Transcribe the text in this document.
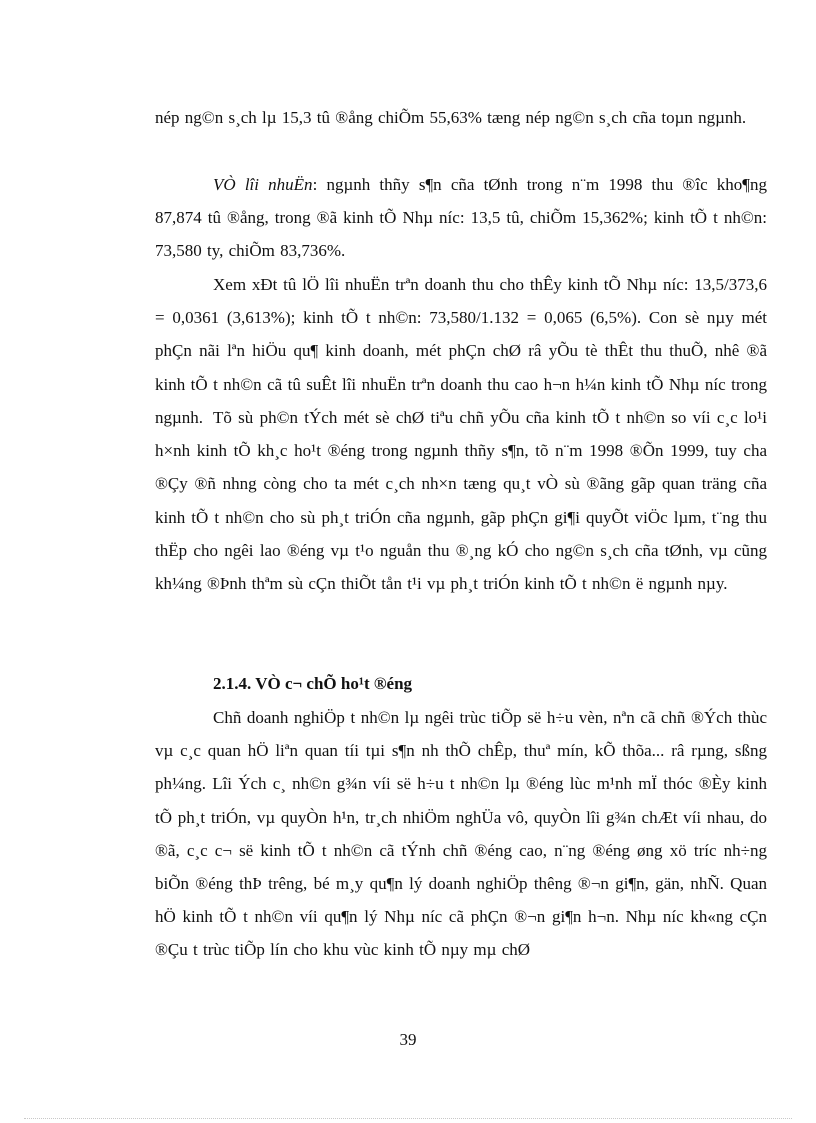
nép ng©n s¸ch lµ 15,3 tû ®ång chiÕm 55,63% tæng nép ng©n s¸ch cña toµn ngµnh.

VÒ lîi nhuËn: ngµnh thñy s¶n cña tØnh trong n¨m 1998 thu ®îc kho¶ng 87,874 tû ®ång, trong ®ã kinh tÕ Nhµ níc: 13,5 tû, chiÕm 15,362%; kinh tÕ t nh©n: 73,580 ty, chiÕm 83,736%.

Xem xÐt tû lÖ lîi nhuËn trªn doanh thu cho thÊy kinh tÕ Nhµ níc: 13,5/373,6 = 0,0361 (3,613%); kinh tÕ t nh©n: 73,580/1.132 = 0,065 (6,5%). Con sè nµy mét phÇn nãi lªn hiÖu qu¶ kinh doanh, mét phÇn chØ râ yÕu tè thÊt thu thuÕ, nhê ®ã kinh tÕ t nh©n cã tû suÊt lîi nhuËn trªn doanh thu cao h¬n h¼n kinh tÕ Nhµ níc trong ngµnh. Tõ sù ph©n tÝch mét sè chØ tiªu chñ yÕu cña kinh tÕ t nh©n so víi c¸c lo¹i h×nh kinh tÕ kh¸c ho¹t ®éng trong ngµnh thñy s¶n, tõ n¨m 1998 ®Õn 1999, tuy cha ®Çy ®ñ nhng còng cho ta mét c¸ch nh×n tæng qu¸t vÒ sù ®ãng gãp quan träng cña kinh tÕ t nh©n cho sù ph¸t triÓn cña ngµnh, gãp phÇn gi¶i quyÕt viÖc lµm, t¨ng thu thËp cho ngêi lao ®éng vµ t¹o nguån thu ®¸ng kÓ cho ng©n s¸ch cña tØnh, vµ cũng kh¼ng ®Þnh thªm sù cÇn thiÕt tån t¹i vµ ph¸t triÓn kinh tÕ t nh©n ë ngµnh nµy.

2.1.4. VÒ c¬ chÕ ho¹t ®éng

Chñ doanh nghiÖp t nh©n lµ ngêi trùc tiÕp së h÷u vèn, nªn cã chñ ®Ých thùc vµ c¸c quan hÖ liªn quan tíi tµi s¶n nh thÕ chÊp, thuª mín, kÕ thõa... râ rµng, sßng ph¼ng. Lîi Ých c¸ nh©n g¾n víi së h÷u t nh©n lµ ®éng lùc m¹nh mÏ thóc ®Èy kinh tÕ ph¸t triÓn, vµ quyÒn h¹n, tr¸ch nhiÖm nghÜa vô, quyÒn lîi g¾n chÆt víi nhau, do ®ã, c¸c c¬ së kinh tÕ t nh©n cã tÝnh chñ ®éng cao, n¨ng ®éng øng xö tríc nh÷ng biÕn ®éng thÞ trêng, bé m¸y qu¶n lý doanh nghiÖp thêng ®¬n gi¶n, gän, nhÑ. Quan hÖ kinh tÕ t nh©n víi qu¶n lý Nhµ níc cã phÇn ®¬n gi¶n h¬n. Nhµ níc kh«ng cÇn ®Çu t trùc tiÕp lín cho khu vùc kinh tÕ nµy mµ chØ

39
